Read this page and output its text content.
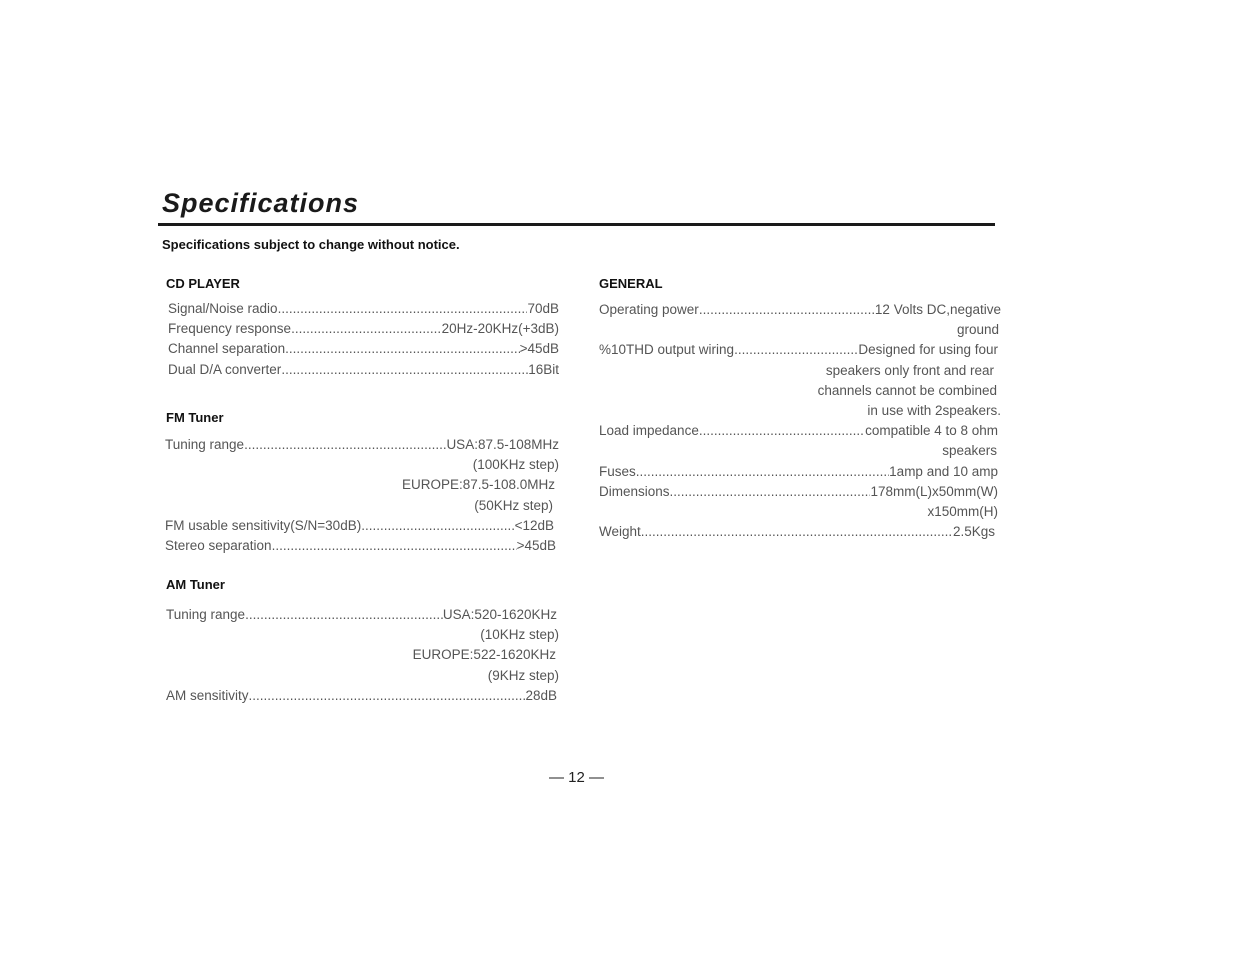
Specifications
Specifications subject to change without notice.
CD PLAYER
Signal/Noise radio .....	70dB
Frequency response .....	20Hz-20KHz(+3dB)
Channel separation .....	>45dB
Dual D/A converter .....	16Bit
FM Tuner
Tuning range .....	USA:87.5-108MHz
(100KHz step)
EUROPE:87.5-108.0MHz
(50KHz step)
FM usable sensitivity(S/N=30dB) .....	<12dB
Stereo separation .....	>45dB
AM Tuner
Tuning range .....	USA:520-1620KHz
(10KHz step)
EUROPE:522-1620KHz
(9KHz step)
AM sensitivity .....	28dB
GENERAL
Operating power .....	12 Volts DC,negative
ground
%10THD output wiring .....	Designed for using four
speakers only front and rear
channels cannot be combined
in use with 2speakers.
Load impedance .....	compatible 4 to 8 ohm
speakers
Fuses .....	1amp and 10 amp
Dimensions .....	178mm(L)x50mm(W)
x150mm(H)
Weight .....	2.5Kgs
— 12 —
